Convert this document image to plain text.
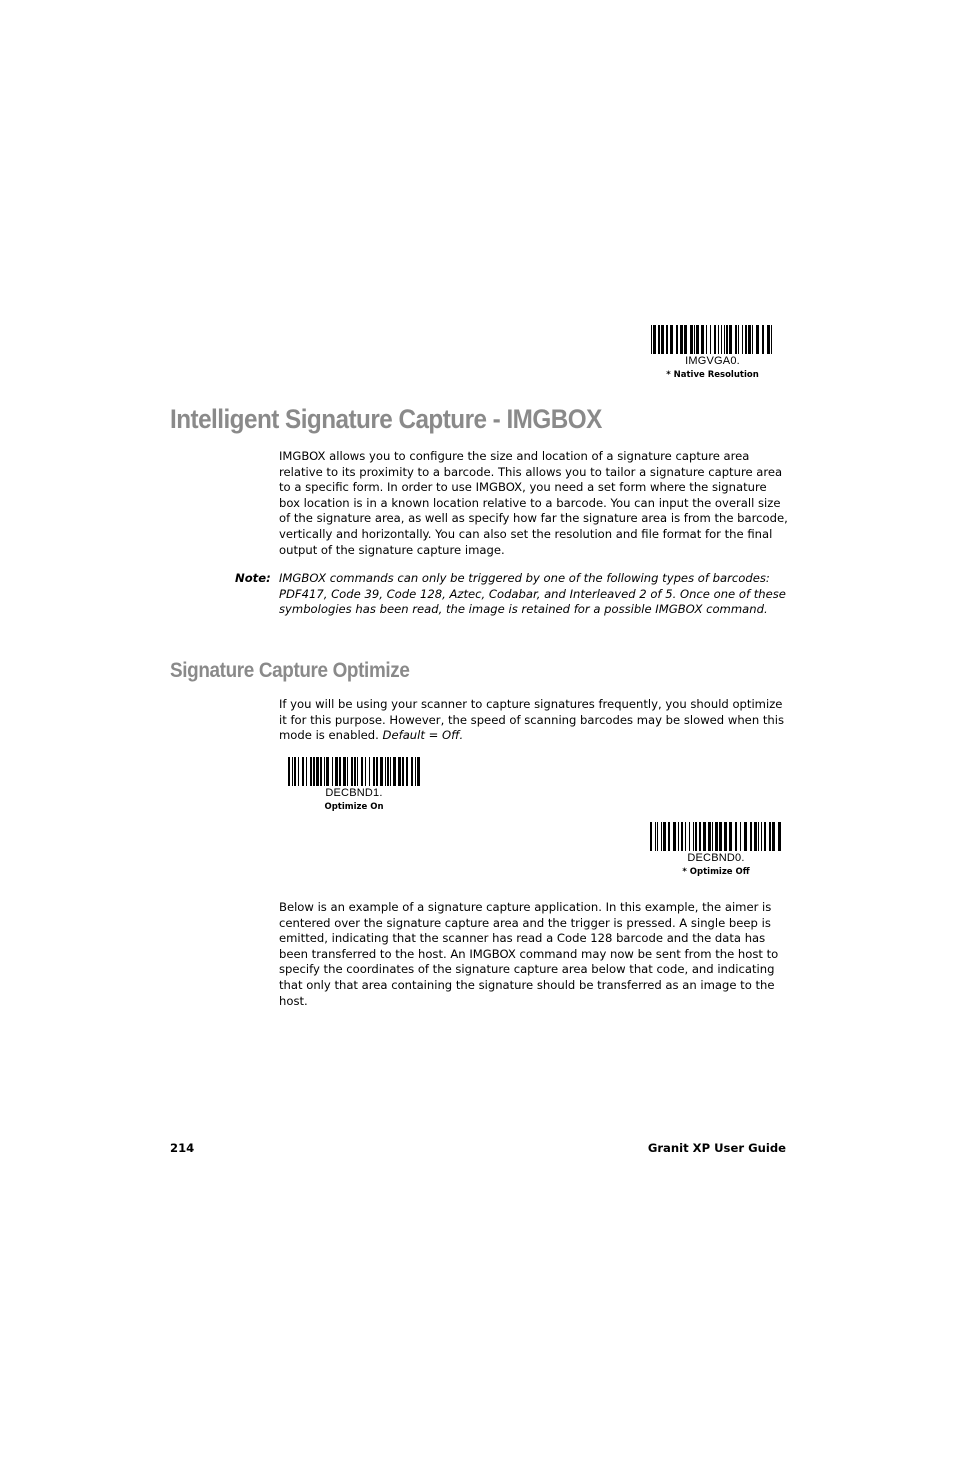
IMGVGA0.
* Native Resolution
Intelligent Signature Capture - IMGBOX

IMGBOX allows you to configure the size and location of a signature capture area relative to its proximity to a barcode. This allows you to tailor a signature capture area to a specific form. In order to use IMGBOX, you need a set form where the signature box location is in a known location relative to a barcode. You can input the overall size of the signature area, as well as specify how far the signature area is from the barcode, vertically and horizontally. You can also set the resolution and file format for the final output of the signature capture image.

Note: IMGBOX commands can only be triggered by one of the following types of barcodes: PDF417, Code 39, Code 128, Aztec, Codabar, and Interleaved 2 of 5. Once one of these symbologies has been read, the image is retained for a possible IMGBOX command.

Signature Capture Optimize

If you will be using your scanner to capture signatures frequently, you should optimize it for this purpose. However, the speed of scanning barcodes may be slowed when this mode is enabled. Default = Off.

DECBND1.
Optimize On
DECBND0.
* Optimize Off

Below is an example of a signature capture application. In this example, the aimer is centered over the signature capture area and the trigger is pressed. A single beep is emitted, indicating that the scanner has read a Code 128 barcode and the data has been transferred to the host. An IMGBOX command may now be sent from the host to specify the coordinates of the signature capture area below that code, and indicating that only that area containing the signature should be transferred as an image to the host.

214	Granit XP User Guide
